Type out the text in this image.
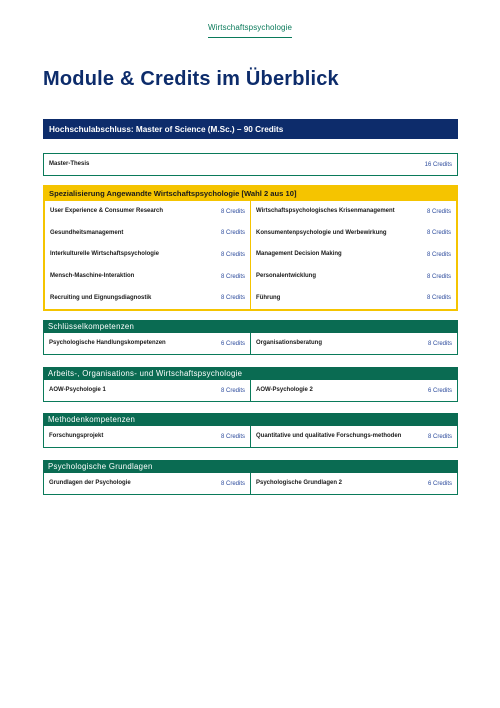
Wirtschaftspsychologie
Module & Credits im Überblick
Hochschulabschluss: Master of Science (M.Sc.) – 90 Credits
Master-Thesis	16 Credits
Spezialisierung Angewandte Wirtschaftspsychologie [Wahl 2 aus 10]
User Experience & Consumer Research	8 Credits Wirtschaftspsychologisches Krisenmanagement	8 Credits
Gesundheitsmanagement	8 Credits Konsumentenpsychologie und Werbewirkung	8 Credits
Interkulturelle Wirtschaftspsychologie	8 Credits Management Decision Making	8 Credits
Mensch-Maschine-Interaktion	8 Credits Personalentwicklung	8 Credits
Recruiting und Eignungsdiagnostik	8 Credits Führung	8 Credits
Schlüsselkompetenzen
Psychologische Handlungskompetenzen	6 Credits Organisationsberatung	8 Credits
Arbeits-, Organisations- und Wirtschaftspsychologie
AOW-Psychologie 1	8 Credits AOW-Psychologie 2	6 Credits
Methodenkompetenzen
Forschungsprojekt	8 Credits Quantitative und qualitative Forschungs-methoden	8 Credits
Psychologische Grundlagen
Grundlagen der Psychologie	8 Credits Psychologische Grundlagen 2	6 Credits
